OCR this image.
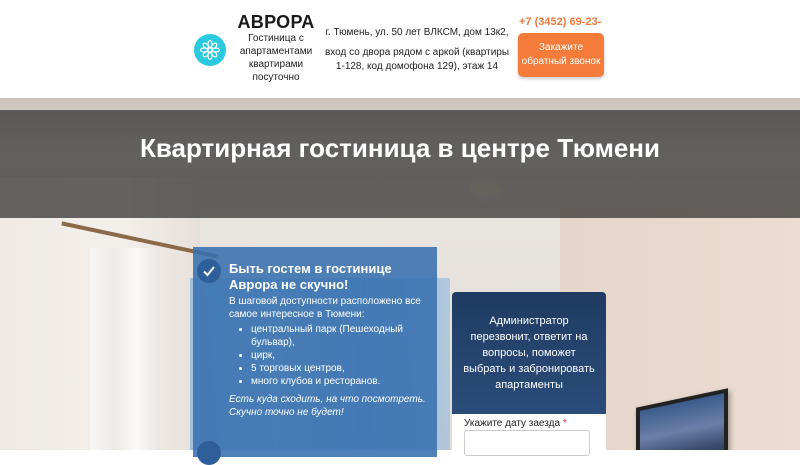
АВРОРА
Гостиница с апартаментами квартирами посуточно

г. Тюмень, ул. 50 лет ВЛКСМ, дом 13к2,

вход со двора рядом с аркой (квартиры 1-128, код домофона 129), этаж 14

+7 (3452) 69-23-
Закажите обратный звонок
Квартирная гостиница в центре Тюмени
Быть гостем в гостинице Аврора не скучно!
В шаговой доступности расположено все самое интересное в Тюмени:
• центральный парк (Пешеходный бульвар),
• цирк,
• 5 торговых центров,
• много клубов и ресторанов.
Есть куда сходить, на что посмотреть. Скучно точно не будет!
Администратор перезвонит, ответит на вопросы, поможет выбрать и забронировать апартаменты
Укажите дату заезда *
